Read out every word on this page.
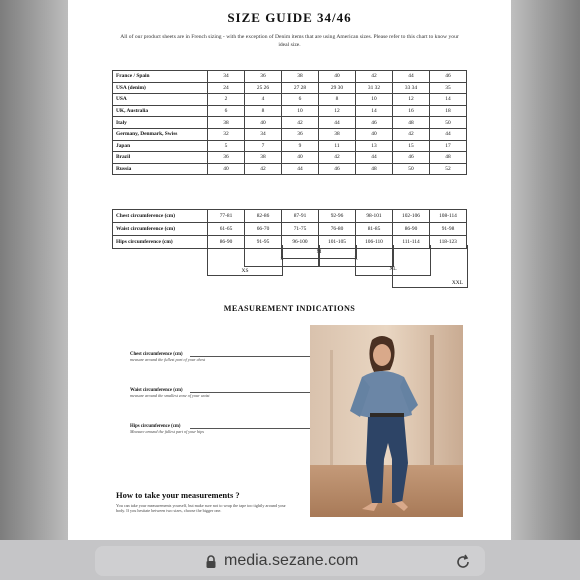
SIZE GUIDE 34/46
All of our product sheets are in French sizing - with the exception of Denim items that are using American sizes. Please refer to this chart to know your ideal size.
France / Spain	34	36	38	40	42	44	46
USA (denim)	24	25 26	27 28	29 30	31 32	33 34	35
USA	2	4	6	8	10	12	14
UK, Australia	6	8	10	12	14	16	18
Italy	38	40	42	44	46	48	50
Germany, Denmark, Swiss	32	34	36	38	40	42	44
Japan	5	7	9	11	13	15	17
Brazil	36	38	40	42	44	46	48
Russia	40	42	44	46	48	50	52
Chest circumference (cm)	77-81	82-86	87-91	92-96	98-101	102-106	108-114
Waist circumference (cm)	61-65	66-70	71-75	76-80	81-85	86-90	91-98
Hips circumference (cm)	86-90	91-95	96-100	101-105	106-110	111-114	118-123
XS
S
M
L
XL
XXL
MEASUREMENT INDICATIONS
Chest circumference (cm)
measure around the fullest part of your chest
Waist circumference (cm)
measure around the smallest zone of your waist
Hips circumference (cm)
Measure around the fullest part of your hips
How to take your measurements ?
You can take your measurements yourself, but make sure not to wrap the tape too tightly around your body. If you hesitate between two sizes, choose the bigger one.
media.sezane.com
